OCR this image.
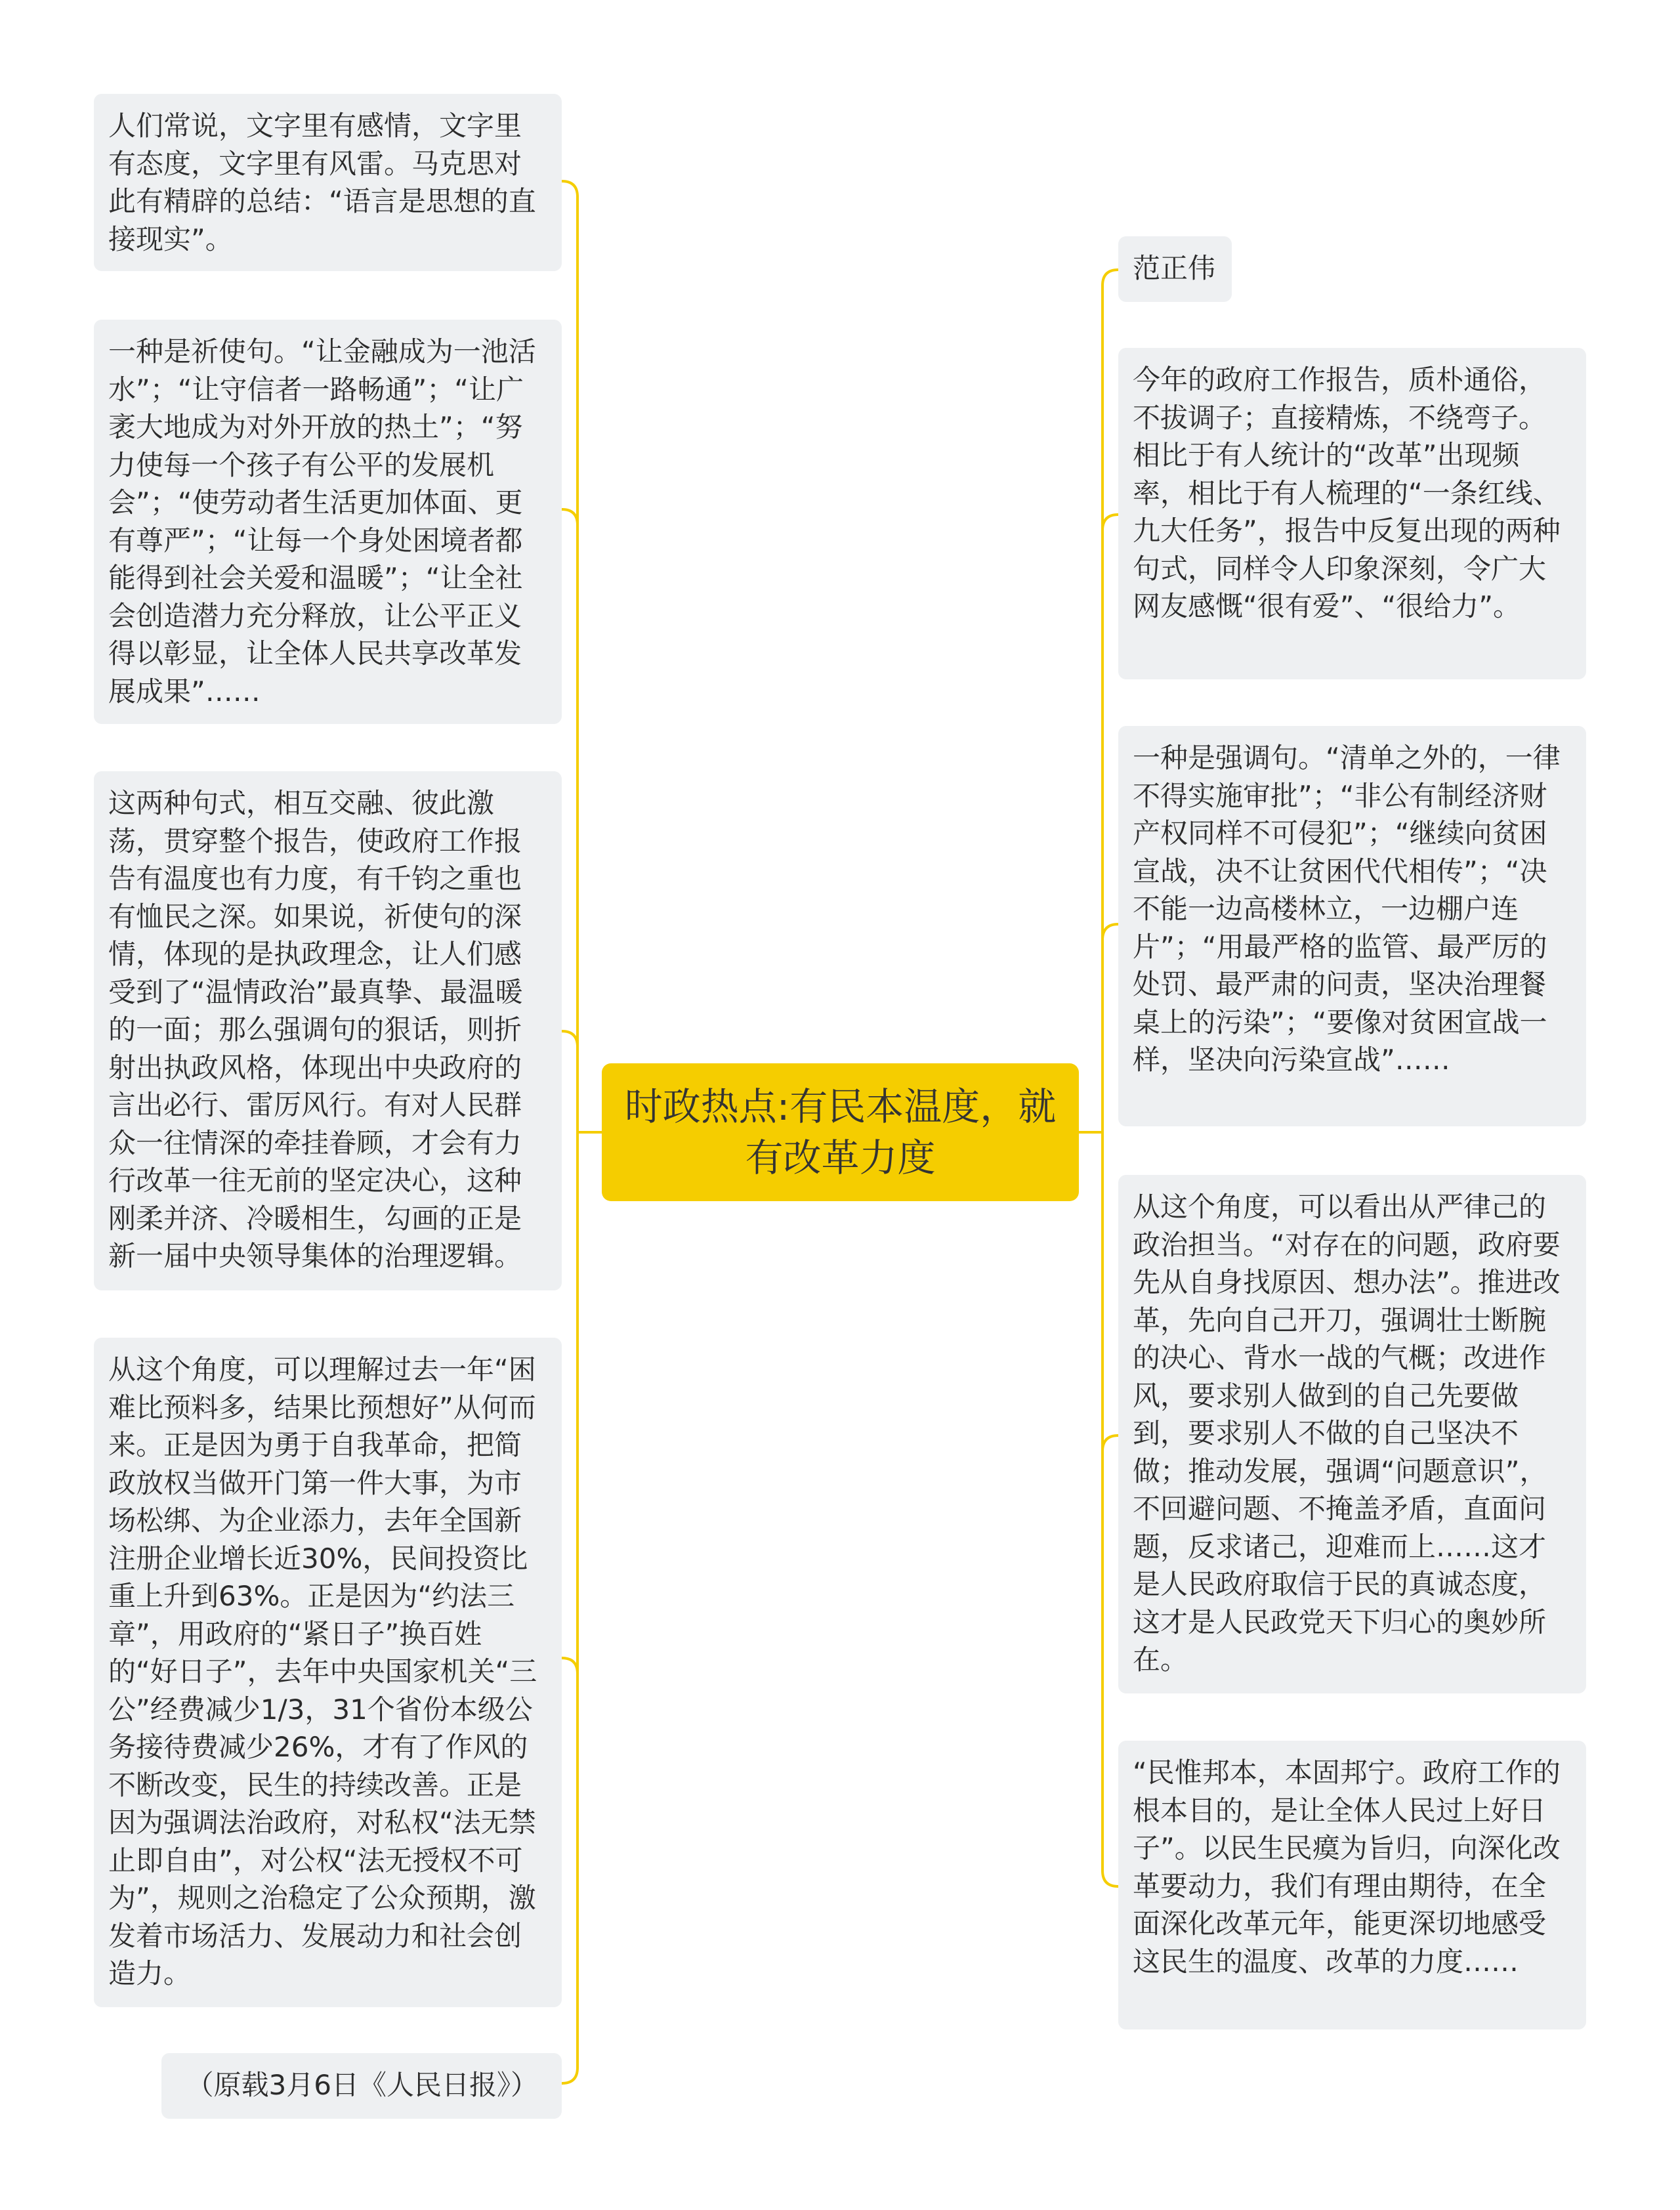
时政热点:有民本温度，就有改革力度

人们常说，文字里有感情，文字里有态度，文字里有风雷。马克思对此有精辟的总结：“语言是思想的直接现实”。

一种是祈使句。“让金融成为一池活水”；“让守信者一路畅通”；“让广袤大地成为对外开放的热土”；“努力使每一个孩子有公平的发展机会”；“使劳动者生活更加体面、更有尊严”；“让每一个身处困境者都能得到社会关爱和温暖”；“让全社会创造潜力充分释放，让公平正义得以彰显，让全体人民共享改革发展成果”……

这两种句式，相互交融、彼此激荡，贯穿整个报告，使政府工作报告有温度也有力度，有千钧之重也有恤民之深。如果说，祈使句的深情，体现的是执政理念，让人们感受到了“温情政治”最真挚、最温暖的一面；那么强调句的狠话，则折射出执政风格，体现出中央政府的言出必行、雷厉风行。有对人民群众一往情深的牵挂眷顾，才会有力行改革一往无前的坚定决心，这种刚柔并济、冷暖相生，勾画的正是新一届中央领导集体的治理逻辑。

从这个角度，可以理解过去一年“困难比预料多，结果比预想好”从何而来。正是因为勇于自我革命，把简政放权当做开门第一件大事，为市场松绑、为企业添力，去年全国新注册企业增长近30%，民间投资比重上升到63%。正是因为“约法三章”，用政府的“紧日子”换百姓的“好日子”，去年中央国家机关“三公”经费减少1/3，31个省份本级公务接待费减少26%，才有了作风的不断改变，民生的持续改善。正是因为强调法治政府，对私权“法无禁止即自由”，对公权“法无授权不可为”，规则之治稳定了公众预期，激发着市场活力、发展动力和社会创造力。

（原载3月6日《人民日报》）

范正伟

今年的政府工作报告，质朴通俗，不拔调子；直接精炼，不绕弯子。相比于有人统计的“改革”出现频率，相比于有人梳理的“一条红线、九大任务”，报告中反复出现的两种句式，同样令人印象深刻，令广大网友感慨“很有爱”、“很给力”。

一种是强调句。“清单之外的，一律不得实施审批”；“非公有制经济财产权同样不可侵犯”；“继续向贫困宣战，决不让贫困代代相传”；“决不能一边高楼林立，一边棚户连片”；“用最严格的监管、最严厉的处罚、最严肃的问责，坚决治理餐桌上的污染”；“要像对贫困宣战一样，坚决向污染宣战”……

从这个角度，可以看出从严律己的政治担当。“对存在的问题，政府要先从自身找原因、想办法”。推进改革，先向自己开刀，强调壮士断腕的决心、背水一战的气概；改进作风，要求别人做到的自己先要做到，要求别人不做的自己坚决不做；推动发展，强调“问题意识”，不回避问题、不掩盖矛盾，直面问题，反求诸己，迎难而上……这才是人民政府取信于民的真诚态度，这才是人民政党天下归心的奥妙所在。

“民惟邦本，本固邦宁。政府工作的根本目的，是让全体人民过上好日子”。以民生民瘼为旨归，向深化改革要动力，我们有理由期待，在全面深化改革元年，能更深切地感受这民生的温度、改革的力度……
